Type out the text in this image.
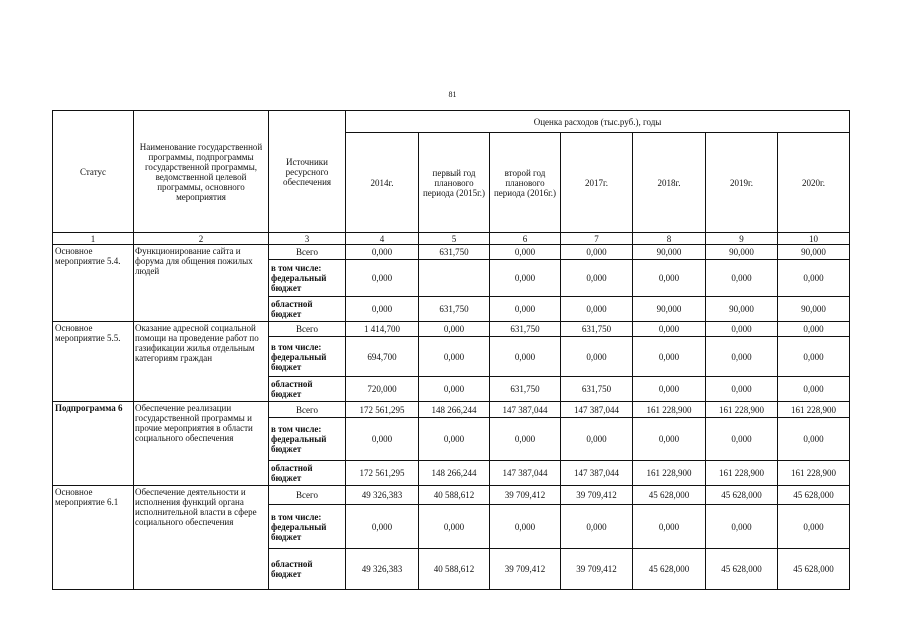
81
Статус	Наименование государственной программы, подпрограммы государственной программы, ведомственной целевой программы, основного мероприятия	Источники ресурсного обеспечения	Оценка расходов (тыс.руб.), годы						
			2014г.	первый год планового периода (2015г.)	второй год планового периода (2016г.)	2017г.	2018г.	2019г.	2020г.
1	2	3	4	5	6	7	8	9	10
Основное мероприятие 5.4.	Функционирование сайта и форума для общения пожилых людей	Всего	0,000	631,750	0,000	0,000	90,000	90,000	90,000
		в том числе: федеральный бюджет	0,000		0,000	0,000	0,000	0,000	0,000
		областной бюджет	0,000	631,750	0,000	0,000	90,000	90,000	90,000
Основное мероприятие 5.5.	Оказание адресной социальной помощи на проведение работ по газификации жилья отдельным категориям граждан	Всего	1 414,700	0,000	631,750	631,750	0,000	0,000	0,000
		в том числе: федеральный бюджет	694,700	0,000	0,000	0,000	0,000	0,000	0,000
		областной бюджет	720,000	0,000	631,750	631,750	0,000	0,000	0,000
Подпрограмма 6	Обеспечение реализации государственной программы и прочие мероприятия в области социального обеспечения	Всего	172 561,295	148 266,244	147 387,044	147 387,044	161 228,900	161 228,900	161 228,900
		в том числе: федеральный бюджет	0,000	0,000	0,000	0,000	0,000	0,000	0,000
		областной бюджет	172 561,295	148 266,244	147 387,044	147 387,044	161 228,900	161 228,900	161 228,900
Основное мероприятие 6.1	Обеспечение деятельности и исполнения функций органа исполнительной власти в сфере социального обеспечения	Всего	49 326,383	40 588,612	39 709,412	39 709,412	45 628,000	45 628,000	45 628,000
		в том числе: федеральный бюджет	0,000	0,000	0,000	0,000	0,000	0,000	0,000
		областной бюджет	49 326,383	40 588,612	39 709,412	39 709,412	45 628,000	45 628,000	45 628,000
